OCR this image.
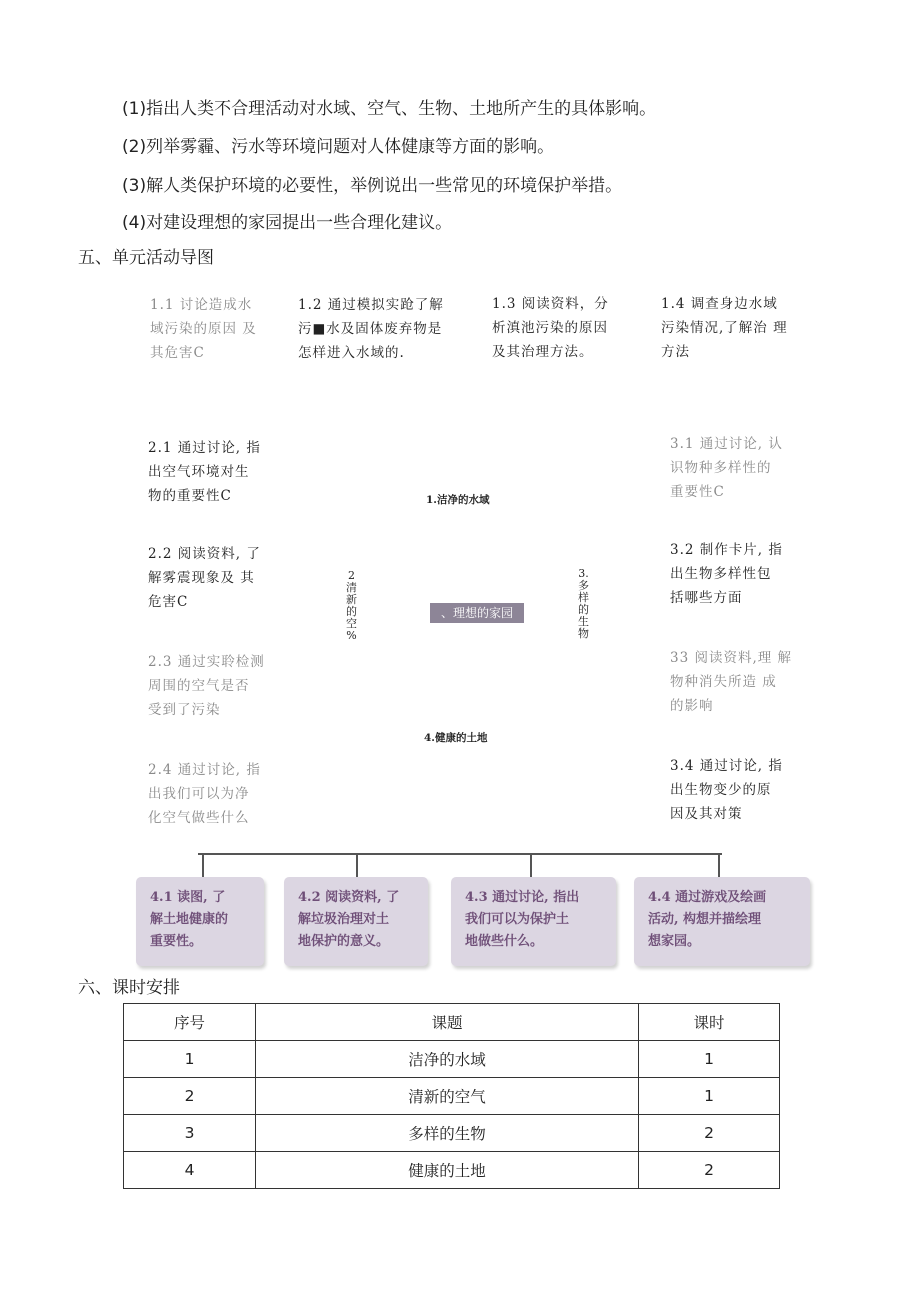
(1)指出人类不合理活动对水域、空气、生物、土地所产生的具体影响。
(2)列举雾霾、污水等环境问题对人体健康等方面的影响。
(3)解人类保护环境的必要性，举例说出一些常见的环境保护举措。
(4)对建设理想的家园提出一些合理化建议。
五、单元活动导图
1.1 讨论造成水
域污染的原因 及
其危害C
1.2 通过模拟实跄了解
污■水及固体废弃物是
怎样进入水域的.
1.3 阅读资料，分
析滇池污染的原因
及其治理方法。
1.4 调查身边水域
污染情况,了解治 理
方法
2.1 通过讨论, 指
出空气环境对生
物的重要性C
2.2 阅读资料, 了
解雾震现象及 其
危害C
2.3 通过实聆检测
周围的空气是否
受到了污染
2.4 通过讨论, 指
出我们可以为净
化空气做些什么
3.1 通过讨论, 认
识物种多样性的
重要性C
3.2 制作卡片, 指
出生物多样性包
括哪些方面
33 阅读资料,理 解
物种消失所造 成
的影响
3.4 通过讨论, 指
出生物变少的原
因及其对策
1.洁净的水域
2
清
新
的
空
%
、理想的家园
3.
多
样
的
生
物
4.健康的土地
4.1 读图, 了
解土地健康的
重要性。
4.2 阅读资料, 了
解垃圾治理对土
地保护的意义。
4.3 通过讨论, 指出
我们可以为保护土
地做些什么。
4.4 通过游戏及绘画
活动, 构想并描绘理
想家园。
六、课时安排
序号	课题	课时
1	洁净的水域	1
2	清新的空气	1
3	多样的生物	2
4	健康的土地	2
